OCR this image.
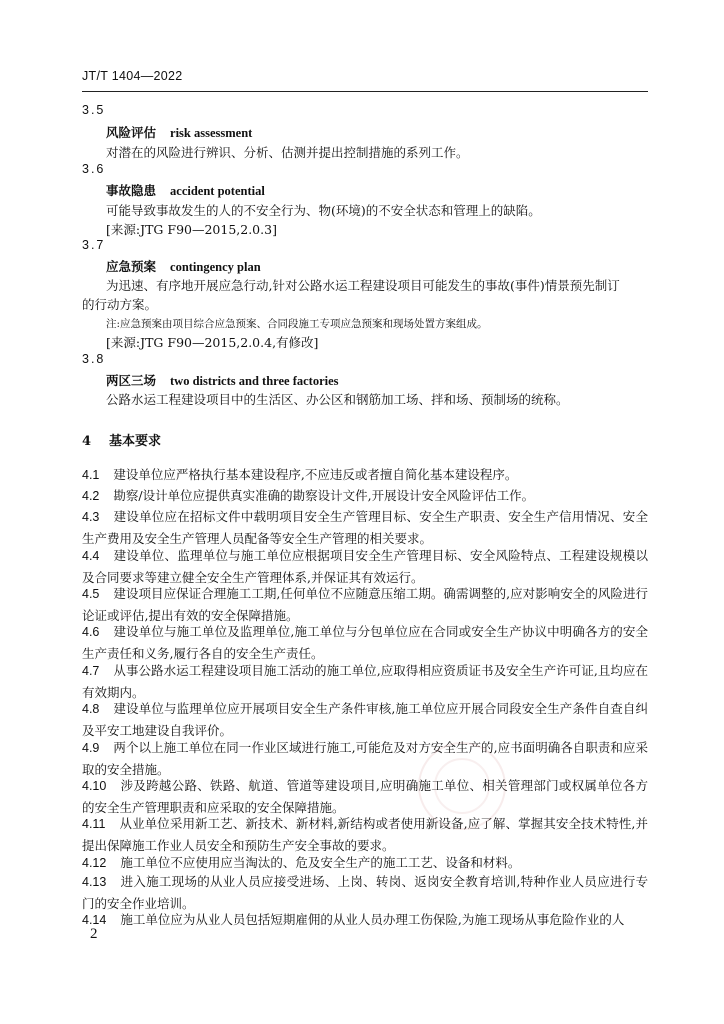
JT/T 1404—2022
3.5
风险评估 risk assessment
对潜在的风险进行辨识、分析、估测并提出控制措施的系列工作。
3.6
事故隐患 accident potential
可能导致事故发生的人的不安全行为、物(环境)的不安全状态和管理上的缺陷。
[来源:JTG F90—2015,2.0.3]
3.7
应急预案 contingency plan
为迅速、有序地开展应急行动,针对公路水运工程建设项目可能发生的事故(事件)情景预先制订
的行动方案。
注:应急预案由项目综合应急预案、合同段施工专项应急预案和现场处置方案组成。
[来源:JTG F90—2015,2.0.4,有修改]
3.8
两区三场 two districts and three factories
公路水运工程建设项目中的生活区、办公区和钢筋加工场、拌和场、预制场的统称。
4 基本要求
4.1 建设单位应严格执行基本建设程序,不应违反或者擅自简化基本建设程序。
4.2 勘察/设计单位应提供真实准确的勘察设计文件,开展设计安全风险评估工作。
4.3 建设单位应在招标文件中载明项目安全生产管理目标、安全生产职责、安全生产信用情况、安全生产费用及安全生产管理人员配备等安全生产管理的相关要求。
4.4 建设单位、监理单位与施工单位应根据项目安全生产管理目标、安全风险特点、工程建设规模以及合同要求等建立健全安全生产管理体系,并保证其有效运行。
4.5 建设项目应保证合理施工工期,任何单位不应随意压缩工期。确需调整的,应对影响安全的风险进行论证或评估,提出有效的安全保障措施。
4.6 建设单位与施工单位及监理单位,施工单位与分包单位应在合同或安全生产协议中明确各方的安全生产责任和义务,履行各自的安全生产责任。
4.7 从事公路水运工程建设项目施工活动的施工单位,应取得相应资质证书及安全生产许可证,且均应在有效期内。
4.8 建设单位与监理单位应开展项目安全生产条件审核,施工单位应开展合同段安全生产条件自查自纠及平安工地建设自我评价。
4.9 两个以上施工单位在同一作业区域进行施工,可能危及对方安全生产的,应书面明确各自职责和应采取的安全措施。
4.10 涉及跨越公路、铁路、航道、管道等建设项目,应明确施工单位、相关管理部门或权属单位各方的安全生产管理职责和应采取的安全保障措施。
4.11 从业单位采用新工艺、新技术、新材料,新结构或者使用新设备,应了解、掌握其安全技术特性,并提出保障施工作业人员安全和预防生产安全事故的要求。
4.12 施工单位不应使用应当淘汰的、危及安全生产的施工工艺、设备和材料。
4.13 进入施工现场的从业人员应接受进场、上岗、转岗、返岗安全教育培训,特种作业人员应进行专门的安全作业培训。
4.14 施工单位应为从业人员包括短期雇佣的从业人员办理工伤保险,为施工现场从事危险作业的人
2
